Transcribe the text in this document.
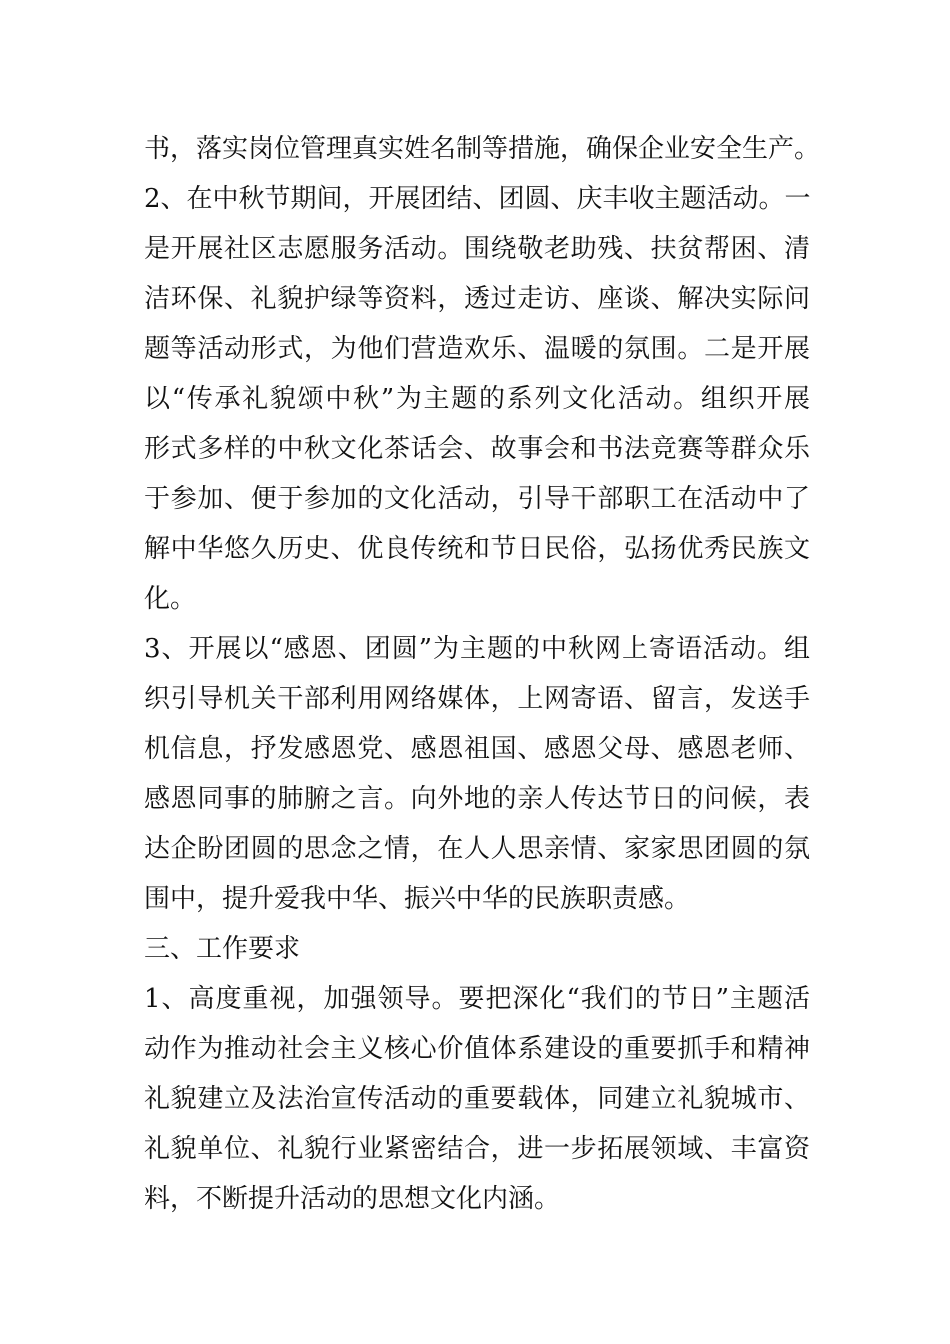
书，落实岗位管理真实姓名制等措施，确保企业安全生产。
2、在中秋节期间，开展团结、团圆、庆丰收主题活动。一
是开展社区志愿服务活动。围绕敬老助残、扶贫帮困、清
洁环保、礼貌护绿等资料，透过走访、座谈、解决实际问
题等活动形式，为他们营造欢乐、温暖的氛围。二是开展
以“传承礼貌颂中秋”为主题的系列文化活动。组织开展
形式多样的中秋文化茶话会、故事会和书法竞赛等群众乐
于参加、便于参加的文化活动，引导干部职工在活动中了
解中华悠久历史、优良传统和节日民俗，弘扬优秀民族文
化。
3、开展以“感恩、团圆”为主题的中秋网上寄语活动。组
织引导机关干部利用网络媒体，上网寄语、留言，发送手
机信息，抒发感恩党、感恩祖国、感恩父母、感恩老师、
感恩同事的肺腑之言。向外地的亲人传达节日的问候，表
达企盼团圆的思念之情，在人人思亲情、家家思团圆的氛
围中，提升爱我中华、振兴中华的民族职责感。
三、工作要求
1、高度重视，加强领导。要把深化“我们的节日”主题活
动作为推动社会主义核心价值体系建设的重要抓手和精神
礼貌建立及法治宣传活动的重要载体，同建立礼貌城市、
礼貌单位、礼貌行业紧密结合，进一步拓展领域、丰富资
料，不断提升活动的思想文化内涵。
